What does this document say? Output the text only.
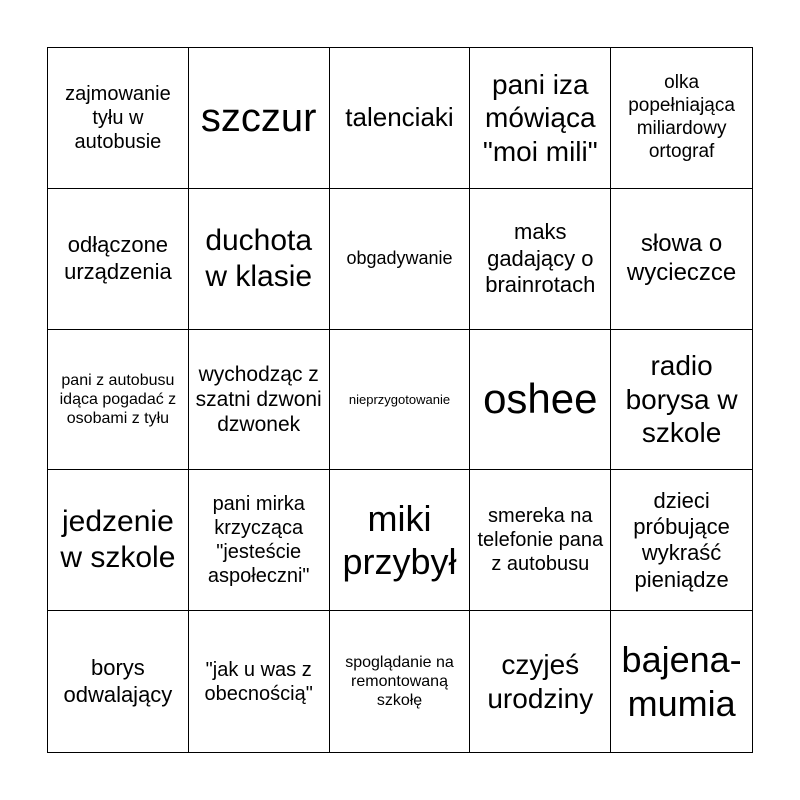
zajmowanie tyłu w autobusie
szczur talenciaki
pani iza mówiąca "moi mili"
olka popełniająca miliardowy ortograf
odłączone urządzenia
duchota w klasie
obgadywanie
maks gadający o brainrotach
słowa o wycieczce
pani z autobusu idąca pogadać z osobami z tyłu
wychodząc z szatni dzwoni dzwonek
nieprzygotowanie oshee
radio borysa w szkole
jedzenie w szkole
pani mirka krzycząca "jesteście aspołeczni"
miki przybył
smereka na telefonie pana z autobusu
dzieci próbujące wykraść pieniądze
borys odwalający
"jak u was z obecnością"
spoglądanie na remontowaną szkołę
czyjeś urodziny
bajena-mumia
